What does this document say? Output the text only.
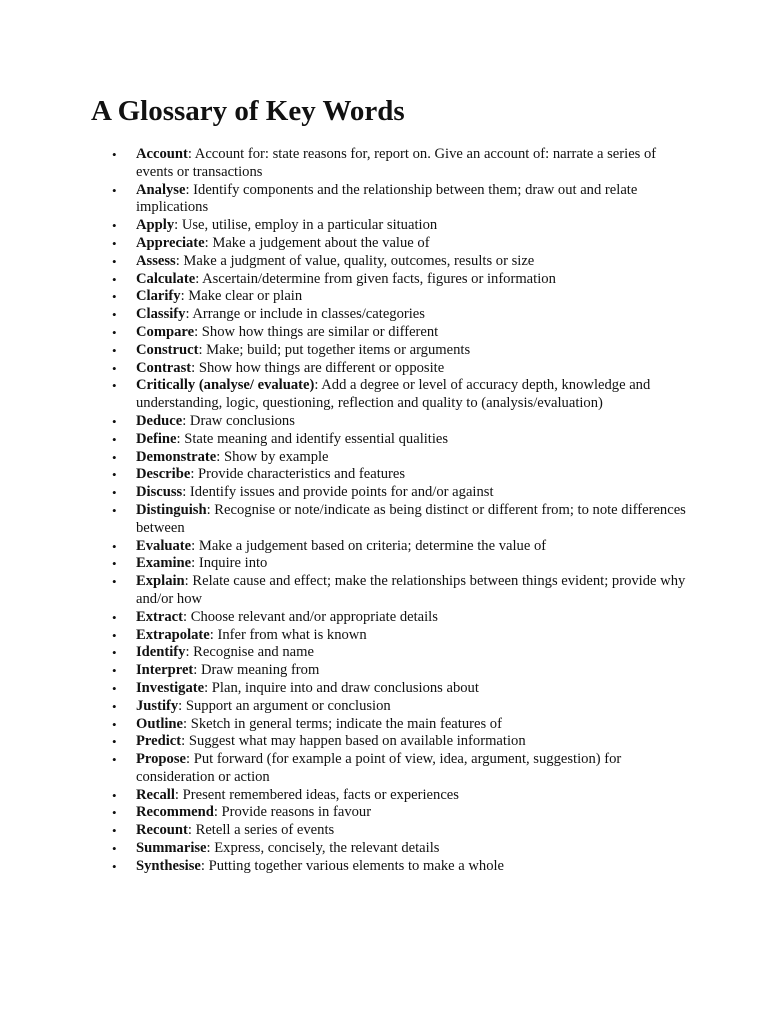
A Glossary of Key Words
•	Account: Account for: state reasons for, report on. Give an account of: narrate a series of events or transactions
•	Analyse: Identify components and the relationship between them; draw out and relate implications
•	Apply: Use, utilise, employ in a particular situation
•	Appreciate: Make a judgement about the value of
•	Assess: Make a judgment of value, quality, outcomes, results or size
•	Calculate: Ascertain/determine from given facts, figures or information
•	Clarify: Make clear or plain
•	Classify: Arrange or include in classes/categories
•	Compare: Show how things are similar or different
•	Construct: Make; build; put together items or arguments
•	Contrast: Show how things are different or opposite
•	Critically (analyse/ evaluate): Add a degree or level of accuracy depth, knowledge and understanding, logic, questioning, reflection and quality to (analysis/evaluation)
•	Deduce: Draw conclusions
•	Define: State meaning and identify essential qualities
•	Demonstrate: Show by example
•	Describe: Provide characteristics and features
•	Discuss: Identify issues and provide points for and/or against
•	Distinguish: Recognise or note/indicate as being distinct or different from; to note differences between
•	Evaluate: Make a judgement based on criteria; determine the value of
•	Examine: Inquire into
•	Explain: Relate cause and effect; make the relationships between things evident; provide why and/or how
•	Extract: Choose relevant and/or appropriate details
•	Extrapolate: Infer from what is known
•	Identify: Recognise and name
•	Interpret: Draw meaning from
•	Investigate: Plan, inquire into and draw conclusions about
•	Justify: Support an argument or conclusion
•	Outline: Sketch in general terms; indicate the main features of
•	Predict: Suggest what may happen based on available information
•	Propose: Put forward (for example a point of view, idea, argument, suggestion) for consideration or action
•	Recall: Present remembered ideas, facts or experiences
•	Recommend: Provide reasons in favour
•	Recount: Retell a series of events
•	Summarise: Express, concisely, the relevant details
•	Synthesise: Putting together various elements to make a whole
